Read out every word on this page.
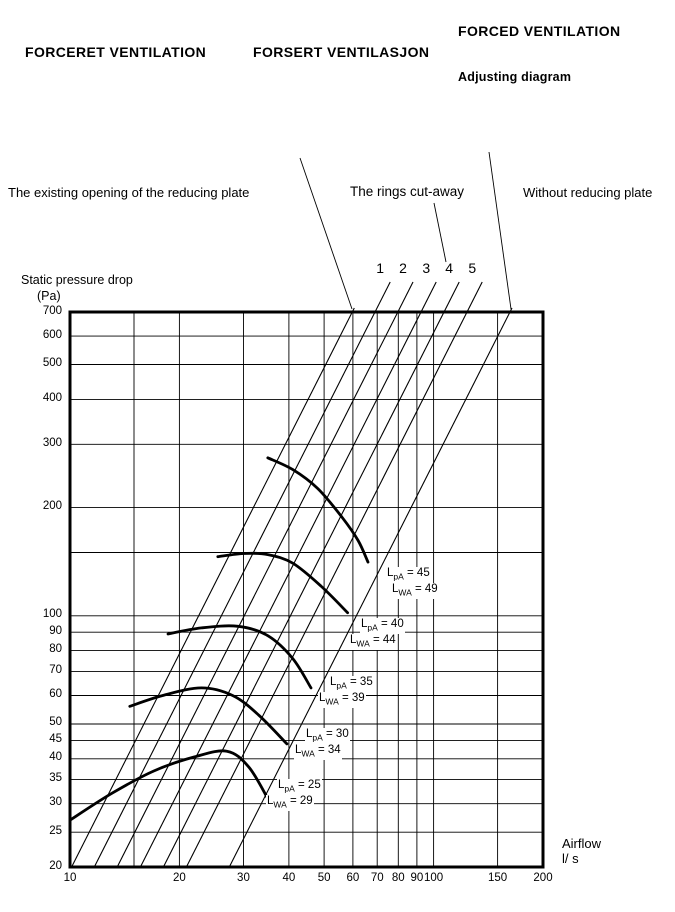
FORCERET VENTILATION	FORSERT VENTILASJON
FORCED VENTILATION
Adjusting diagram
The existing opening of the reducing plate	The rings cut-away	Without reducing plate
Static pressure drop
(Pa)
Airflow
l/ s
700
600
500
400
300
200
100
90
80
70
60
50
45
40
35
30
25
20
10	20	30	40	50	60	70 80 90 100	150	200
1 2 3 4 5
$L_{pA} = 25$
$L_{WA} = 29$
$L_{pA} = 30$
$L_{WA} = 34$
$L_{pA} = 35$
$L_{WA} = 39$
$L_{pA} = 40$
$L_{WA} = 44$
$L_{pA} = 45$
$L_{WA} = 49$
